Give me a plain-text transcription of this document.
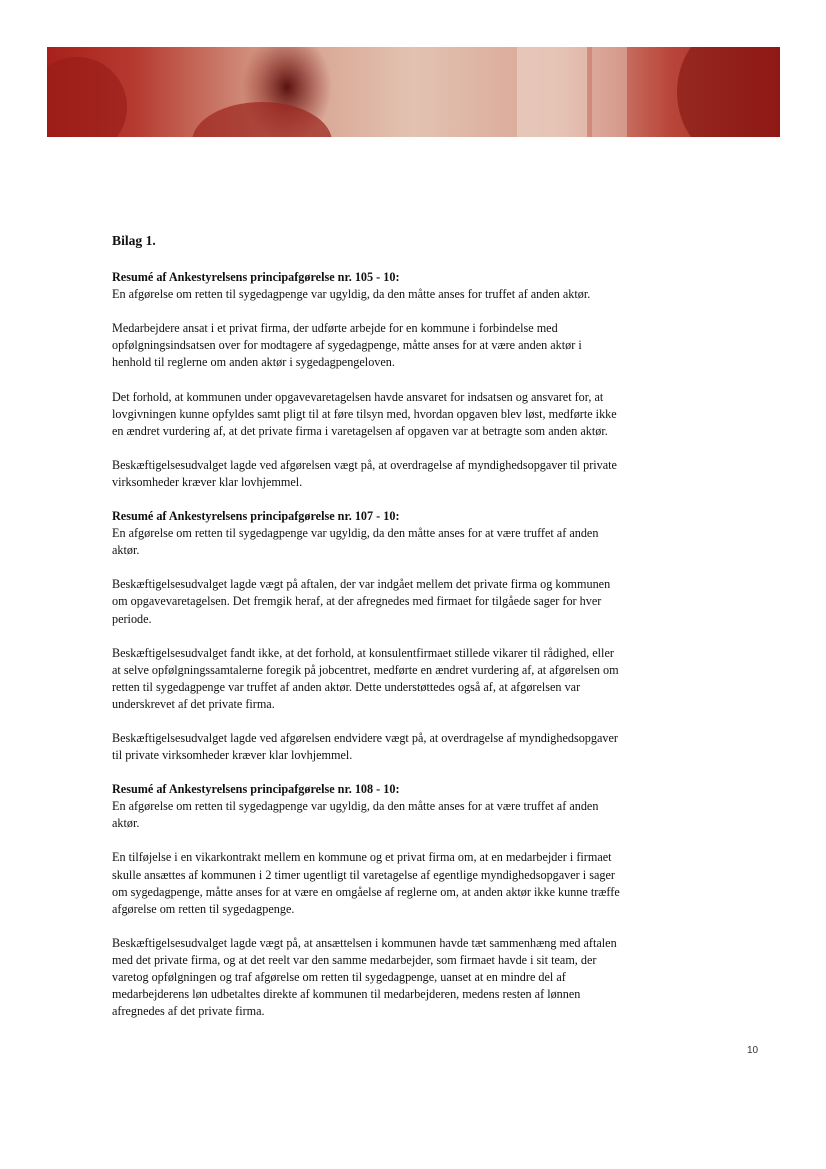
Bilag 1.

Resumé af Ankestyrelsens principafgørelse nr. 105 - 10:

En afgørelse om retten til sygedagpenge var ugyldig, da den måtte anses for truffet af anden aktør.

Medarbejdere ansat i et privat firma, der udførte arbejde for en kommune i forbindelse med opfølgningsindsatsen over for modtagere af sygedagpenge, måtte anses for at være anden aktør i henhold til reglerne om anden aktør i sygedagpengeloven.

Det forhold, at kommunen under opgavevaretagelsen havde ansvaret for indsatsen og ansvaret for, at lovgivningen kunne opfyldes samt pligt til at føre tilsyn med, hvordan opgaven blev løst, medførte ikke en ændret vurdering af, at det private firma i varetagelsen af opgaven var at betragte som anden aktør.

Beskæftigelsesudvalget lagde ved afgørelsen vægt på, at overdragelse af myndighedsopgaver til private virksomheder kræver klar lovhjemmel.

Resumé af Ankestyrelsens principafgørelse nr. 107 - 10:

En afgørelse om retten til sygedagpenge var ugyldig, da den måtte anses for at være truffet af anden aktør.

Beskæftigelsesudvalget lagde vægt på aftalen, der var indgået mellem det private firma og kommunen om opgavevaretagelsen. Det fremgik heraf, at der afregnedes med firmaet for tilgåede sager for hver periode.

Beskæftigelsesudvalget fandt ikke, at det forhold, at konsulentfirmaet stillede vikarer til rådighed, eller at selve opfølgningssamtalerne foregik på jobcentret, medførte en ændret vurdering af, at afgørelsen om retten til sygedagpenge var truffet af anden aktør. Dette understøttedes også af, at afgørelsen var underskrevet af det private firma.

Beskæftigelsesudvalget lagde ved afgørelsen endvidere vægt på, at overdragelse af myndighedsopgaver til private virksomheder kræver klar lovhjemmel.

Resumé af Ankestyrelsens principafgørelse nr. 108 - 10:

En afgørelse om retten til sygedagpenge var ugyldig, da den måtte anses for at være truffet af anden aktør.

En tilføjelse i en vikarkontrakt mellem en kommune og et privat firma om, at en medarbejder i firmaet skulle ansættes af kommunen i 2 timer ugentligt til varetagelse af egentlige myndighedsopgaver i sager om sygedagpenge, måtte anses for at være en omgåelse af reglerne om, at anden aktør ikke kunne træffe afgørelse om retten til sygedagpenge.

Beskæftigelsesudvalget lagde vægt på, at ansættelsen i kommunen havde tæt sammenhæng med aftalen med det private firma, og at det reelt var den samme medarbejder, som firmaet havde i sit team, der varetog opfølgningen og traf afgørelse om retten til sygedagpenge, uanset at en mindre del af medarbejderens løn udbetaltes direkte af kommunen til medarbejderen, medens resten af lønnen afregnedes af det private firma.

10
